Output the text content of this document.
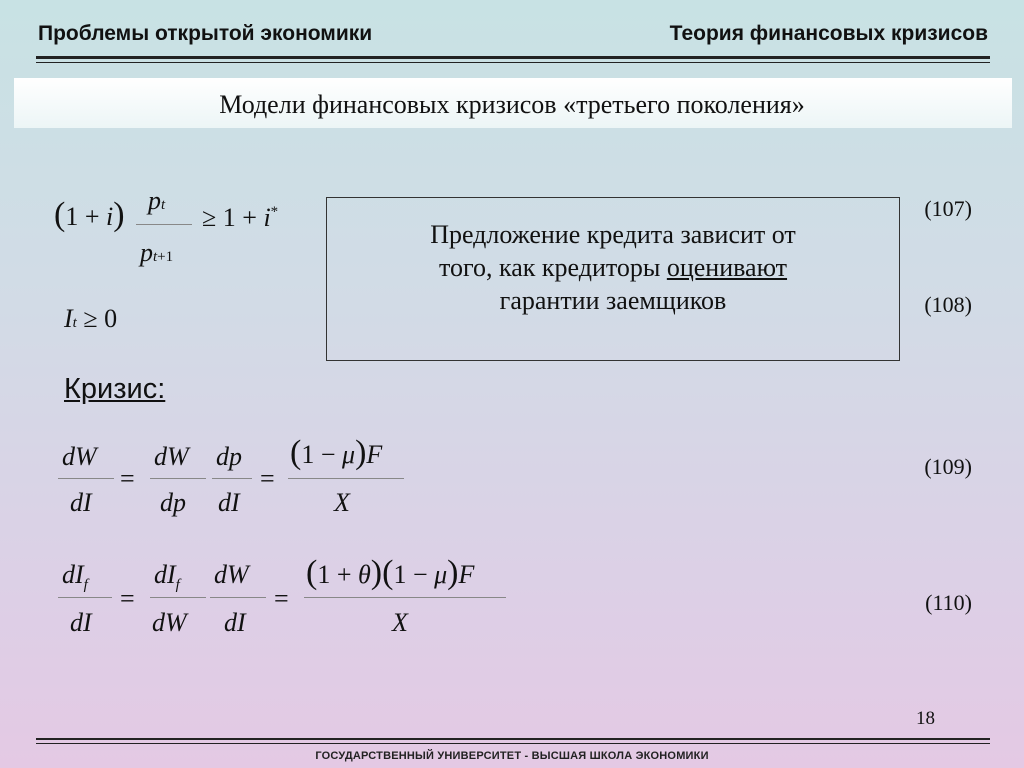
Проблемы открытой экономики	Теория финансовых кризисов
Модели финансовых кризисов «третьего поколения»
(1 + i) pt
pt+1
≥ 1 + i*	(107)
It ≥ 0	(108)
Предложение кредита зависит от
того, как кредиторы оценивают
гарантии заемщиков
Кризис:
dW
dI
=
dW
dp
dp
dI
=
(1 − μ)F
X
(109)
$dI_f$
dI
=
$dI_f$
dW
dW
dI
=
(1 + θ)(1 − μ)F
X
(110)
18
ГОСУДАРСТВЕННЫЙ УНИВЕРСИТЕТ - ВЫСШАЯ ШКОЛА ЭКОНОМИКИ
